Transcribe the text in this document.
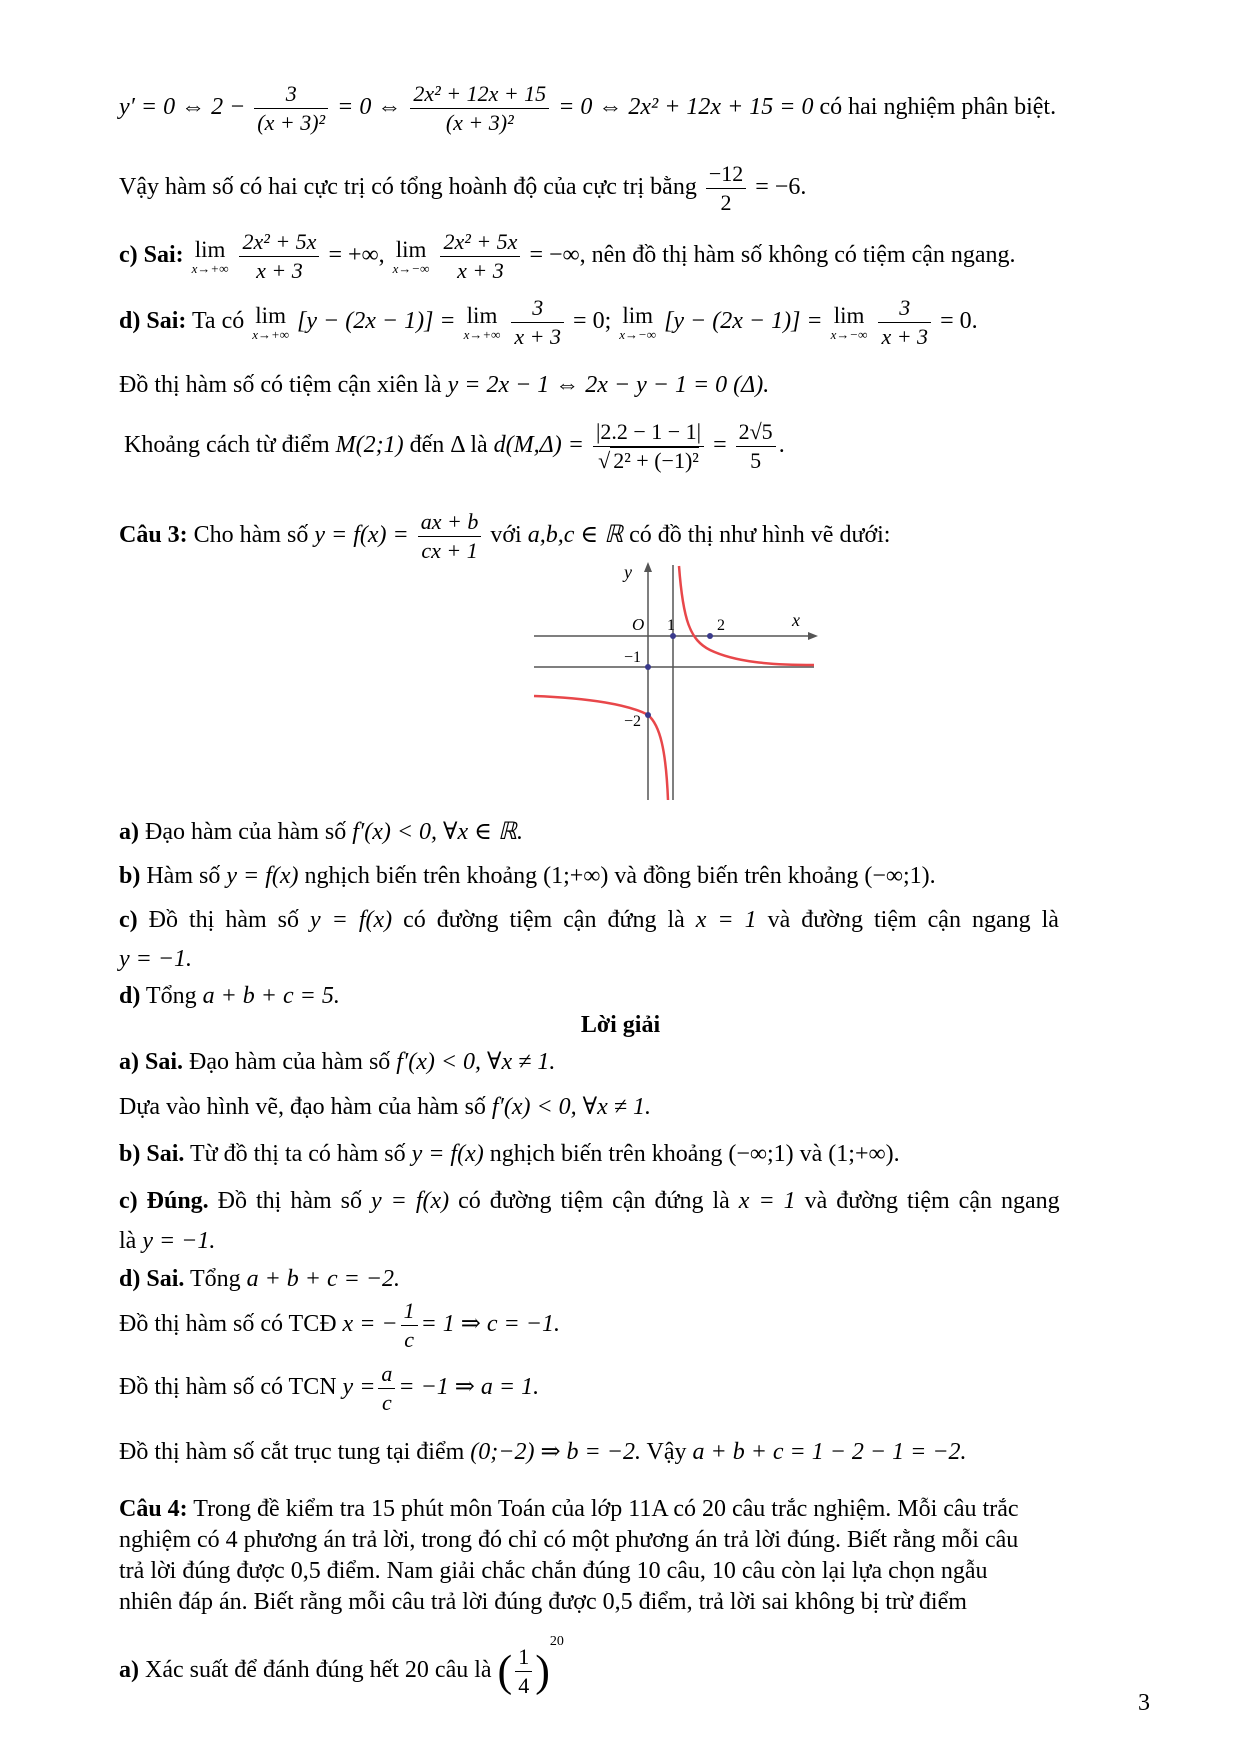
y′ = 0 ⇔ $2 - \frac{3}{\text{(x + 3)²}} = 0$ ⇔ $\frac{\text{2x² + 12x + 15}}{\text{(x + 3)²}} = 0$ ⇔ 2x² + 12x + 15 = 0 có hai nghiệm phân biệt.
Vậy hàm số có hai cực trị có tổng hoành độ của cực trị bằng $\frac{-12}{2} = -6$.
c) Sai: lim
x→+∞
$\frac{\text{2x² + 5x}}{x + 3}$ = +∞, lim
x→−∞
$\frac{\text{2x² + 5x}}{x + 3}$ = −∞, nên đồ thị hàm số không có tiệm cận ngang.
d) Sai: Ta có lim
x→+∞ [y − (2x − 1)] = lim
x→+∞
$\frac{3}{x + 3} = 0$; lim
x→−∞ [y − (2x − 1)] = lim
x→−∞
$\frac{3}{x + 3} = 0$.
Đồ thị hàm số có tiệm cận xiên là y = 2x − 1 ⇔ 2x − y − 1 = 0 (Δ).
Khoảng cách từ điểm M(2;1) đến Δ là $d(M,\Delta) = \frac{|2.2 - 1 - 1|}{\text{√ 2² + (−1)²}} = \frac{2√5}{5}$ .
Câu 3: Cho hàm số $y = f(x) = \frac{ax + b}{cx + 1}$ với a,b,c ∈ ℝ có đồ thị như hình vẽ dưới:
y
x
O 1	2
−1
−2
a) Đạo hàm của hàm số f′(x) < 0, ∀x ∈ ℝ.
b) Hàm số y = f(x) nghịch biến trên khoảng (1;+∞) và đồng biến trên khoảng (−∞;1).
c) Đồ thị hàm số y = f(x) có đường tiệm cận đứng là x = 1 và đường tiệm cận ngang là
y = −1.
d) Tổng a + b + c = 5.
Lời giải
a) Sai. Đạo hàm của hàm số f′(x) < 0, ∀x ≠ 1.
Dựa vào hình vẽ, đạo hàm của hàm số f′(x) < 0, ∀x ≠ 1.
b) Sai. Từ đồ thị ta có hàm số y = f(x) nghịch biến trên khoảng (−∞;1) và (1;+∞).
c) Đúng. Đồ thị hàm số y = f(x) có đường tiệm cận đứng là x = 1 và đường tiệm cận ngang
là y = −1.
d) Sai. Tổng a + b + c = −2.
Đồ thị hàm số có TCĐ x = − $\frac{1}{c} = 1$ ⇒ c = −1.
Đồ thị hàm số có TCN $y = \frac{a}{c} = -1$ ⇒ a = 1.
Đồ thị hàm số cắt trục tung tại điểm (0;−2) ⇒ b = −2. Vậy a + b + c = 1 − 2 − 1 = −2.
Câu 4: Trong đề kiểm tra 15 phút môn Toán của lớp 11A có 20 câu trắc nghiệm. Mỗi câu trắc
nghiệm có 4 phương án trả lời, trong đó chỉ có một phương án trả lời đúng. Biết rằng mỗi câu
trả lời đúng được 0,5 điểm. Nam giải chắc chắn đúng 10 câu, 10 câu còn lại lựa chọn ngẫu
nhiên đáp án. Biết rằng mỗi câu trả lời đúng được 0,5 điểm, trả lời sai không bị trừ điểm
a) Xác suất để đánh đúng hết 20 câu là ( $\frac{1}{4} )^{20}$
3
